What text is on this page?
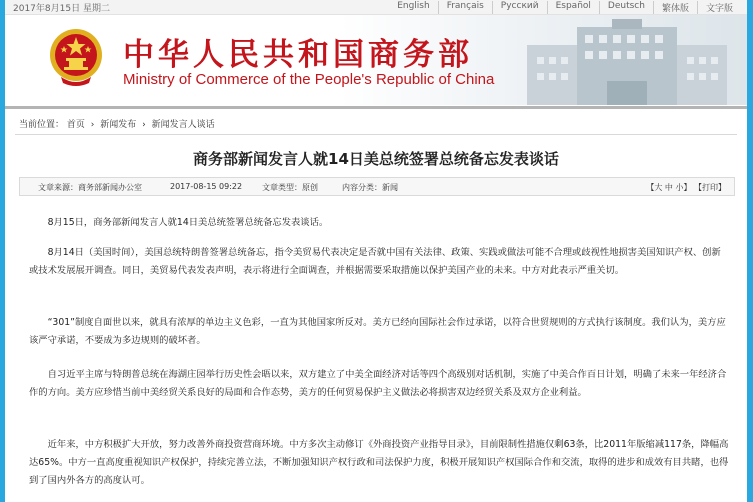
2017年8月15日 星期二	English	Français	Русский	Español	Deutsch	繁体版	文字版
中华人民共和国商务部
Ministry of Commerce of the People's Republic of China
当前位置： 首页 › 新闻发布 › 新闻发言人谈话
商务部新闻发言人就14日美总统签署总统备忘发表谈话
文章来源：商务部新闻办公室	2017-08-15 09:22 文章类型：原创	内容分类：新闻	【大 中 小】 【打印】

8月15日，商务部新闻发言人就14日美总统签署总统备忘发表谈话。

8月14日（美国时间），美国总统特朗普签署总统备忘，指令美贸易代表决定是否就中国有关法律、政策、实践或做法可能不合理或歧视性地损害美国知识产权、创新或技术发展展开调查。同日，美贸易代表发表声明，表示将进行全面调查，并根据需要采取措施以保护美国产业的未来。中方对此表示严重关切。

“301”制度自面世以来，就具有浓厚的单边主义色彩，一直为其他国家所反对。美方已经向国际社会作过承诺，以符合世贸规则的方式执行该制度。我们认为，美方应该严守承诺，不要成为多边规则的破坏者。

自习近平主席与特朗普总统在海湖庄园举行历史性会晤以来，双方建立了中美全面经济对话等四个高级别对话机制，实施了中美合作百日计划，明确了未来一年经济合作的方向。美方应珍惜当前中美经贸关系良好的局面和合作态势，美方的任何贸易保护主义做法必将损害双边经贸关系及双方企业利益。

近年来，中方积极扩大开放，努力改善外商投资营商环境。中方多次主动修订《外商投资产业指导目录》，目前限制性措施仅剩63条，比2011年版缩减117条，降幅高达65%。中方一直高度重视知识产权保护，持续完善立法，不断加强知识产权行政和司法保护力度，积极开展知识产权国际合作和交流，取得的进步和成效有目共睹，也得到了国内外各方的高度认可。
